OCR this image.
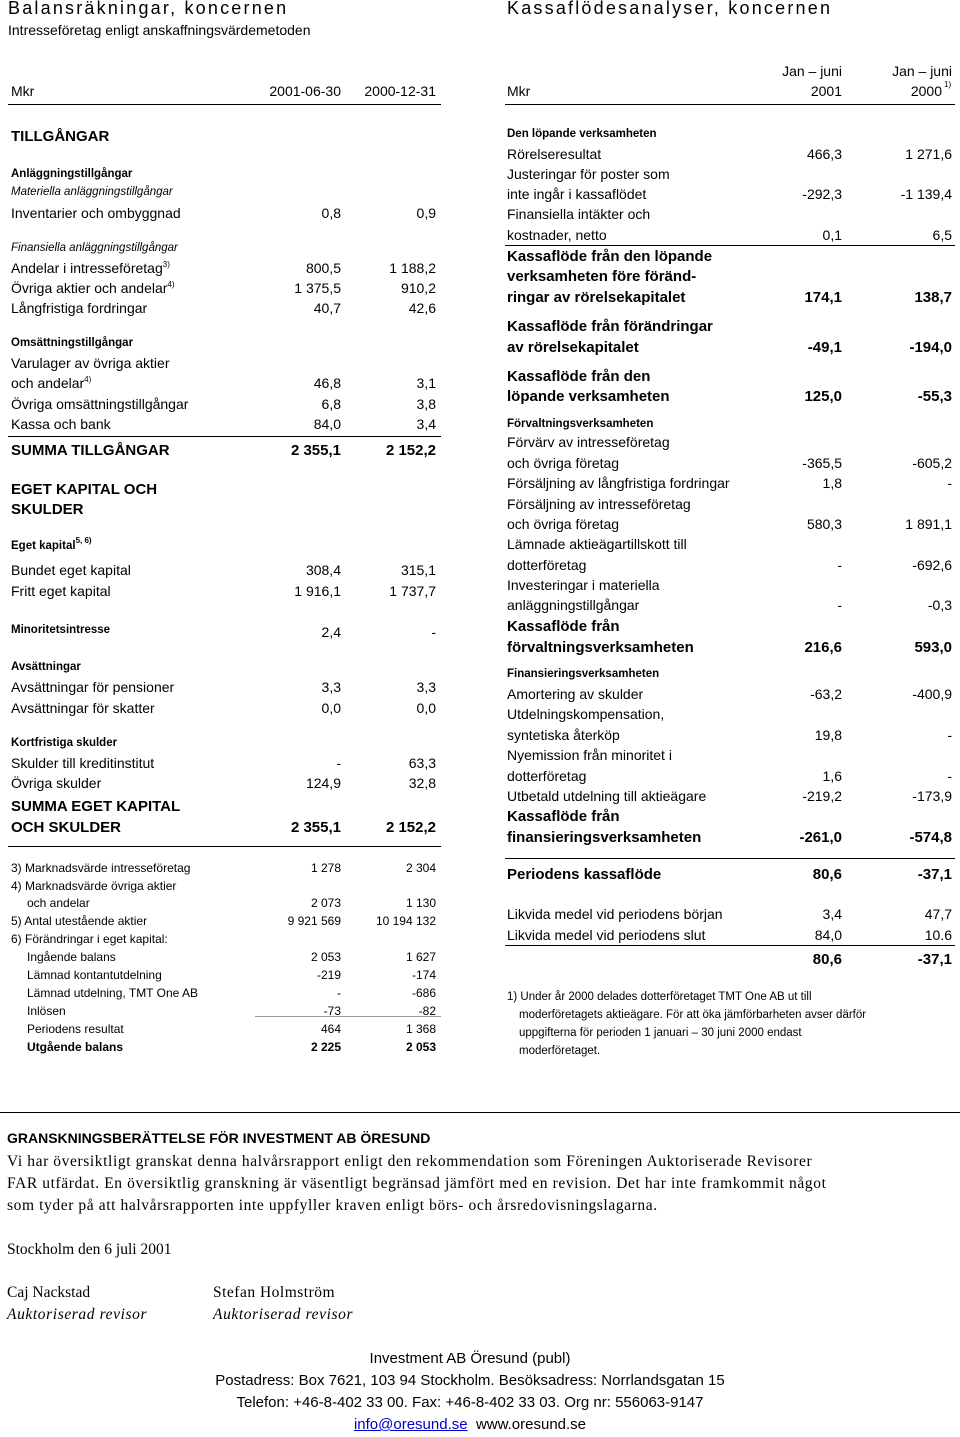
Balansräkningar, koncernen
Intresseföretag enligt anskaffningsvärdemetoden
Mkr	2001-06-30	2000-12-31
TILLGÅNGAR
Anläggningstillgångar
Materiella anläggningstillgångar
Inventarier och ombyggnad	0,8	0,9
Finansiella anläggningstillgångar
Andelar i intresseföretag$^{3)}$	800,5	1 188,2
Övriga aktier och andelar$^{4)}$	1 375,5	910,2
Långfristiga fordringar	40,7	42,6
Omsättningstillgångar
Varulager av övriga aktier
och andelar$^{4)}$	46,8	3,1
Övriga omsättningstillgångar	6,8	3,8
Kassa och bank	84,0	3,4
SUMMA TILLGÅNGAR	2 355,1	2 152,2
EGET KAPITAL OCH
SKULDER
Eget kapital$^{5, 6)}$
Bundet eget kapital	308,4	315,1
Fritt eget kapital	1 916,1	1 737,7
Minoritetsintresse	2,4	-
Avsättningar
Avsättningar för pensioner	3,3	3,3
Avsättningar för skatter	0,0	0,0
Kortfristiga skulder
Skulder till kreditinstitut	-	63,3
Övriga skulder	124,9	32,8
SUMMA EGET KAPITAL
OCH SKULDER	2 355,1	2 152,2
3) Marknadsvärde intresseföretag	1 278	2 304
4) Marknadsvärde övriga aktier
och andelar	2 073	1 130
5) Antal utestående aktier	9 921 569	10 194 132
6) Förändringar i eget kapital:
Ingående balans	2 053	1 627
Lämnad kontantutdelning	-219	-174
Lämnad utdelning, TMT One AB	-	-686
Inlösen	-73	-82
Periodens resultat	464	1 368
Utgående balans	2 225	2 053
Kassaflödesanalyser, koncernen
Jan – juni	Jan – juni
Mkr	2001	2000 1)
Den löpande verksamheten
Rörelseresultat	466,3	1 271,6
Justeringar för poster som
inte ingår i kassaflödet	-292,3	-1 139,4
Finansiella intäkter och
kostnader, netto	0,1	6,5
Kassaflöde från den löpande
verksamheten före föränd-
ringar av rörelsekapitalet	174,1	138,7
Kassaflöde från förändringar
av rörelsekapitalet	-49,1	-194,0
Kassaflöde från den
löpande verksamheten	125,0	-55,3
Förvaltningsverksamheten
Förvärv av intresseföretag
och övriga företag	-365,5	-605,2
Försäljning av långfristiga fordringar	1,8	-
Försäljning av intresseföretag
och övriga företag	580,3	1 891,1
Lämnade aktieägartillskott till
dotterföretag	-	-692,6
Investeringar i materiella
anläggningstillgångar	-	-0,3
Kassaflöde från
förvaltningsverksamheten	216,6	593,0
Finansieringsverksamheten
Amortering av skulder	-63,2	-400,9
Utdelningskompensation,
syntetiska återköp	19,8	-
Nyemission från minoritet i
dotterföretag	1,6	-
Utbetald utdelning till aktieägare	-219,2	-173,9
Kassaflöde från
finansieringsverksamheten	-261,0	-574,8
Periodens kassaflöde	80,6	-37,1
Likvida medel vid periodens början	3,4	47,7
Likvida medel vid periodens slut	84,0	10.6
80,6	-37,1
1) Under år 2000 delades dotterföretaget TMT One AB ut till
moderföretagets aktieägare. För att öka jämförbarheten avser därför
uppgifterna för perioden 1 januari – 30 juni 2000 endast
moderföretaget.
GRANSKNINGSBERÄTTELSE FÖR INVESTMENT AB ÖRESUND
Vi har översiktligt granskat denna halvårsrapport enligt den rekommendation som Föreningen Auktoriserade Revisorer
FAR utfärdat. En översiktlig granskning är väsentligt begränsad jämfört med en revision. Det har inte framkommit något
som tyder på att halvårsrapporten inte uppfyller kraven enligt börs- och årsredovisningslagarna.
Stockholm den 6 juli 2001
Caj Nackstad
Auktoriserad revisor
Stefan Holmström
Auktoriserad revisor
Investment AB Öresund (publ)
Postadress: Box 7621, 103 94 Stockholm. Besöksadress: Norrlandsgatan 15
Telefon: +46-8-402 33 00. Fax: +46-8-402 33 03. Org nr: 556063-9147
info@oresund.se www.oresund.se
